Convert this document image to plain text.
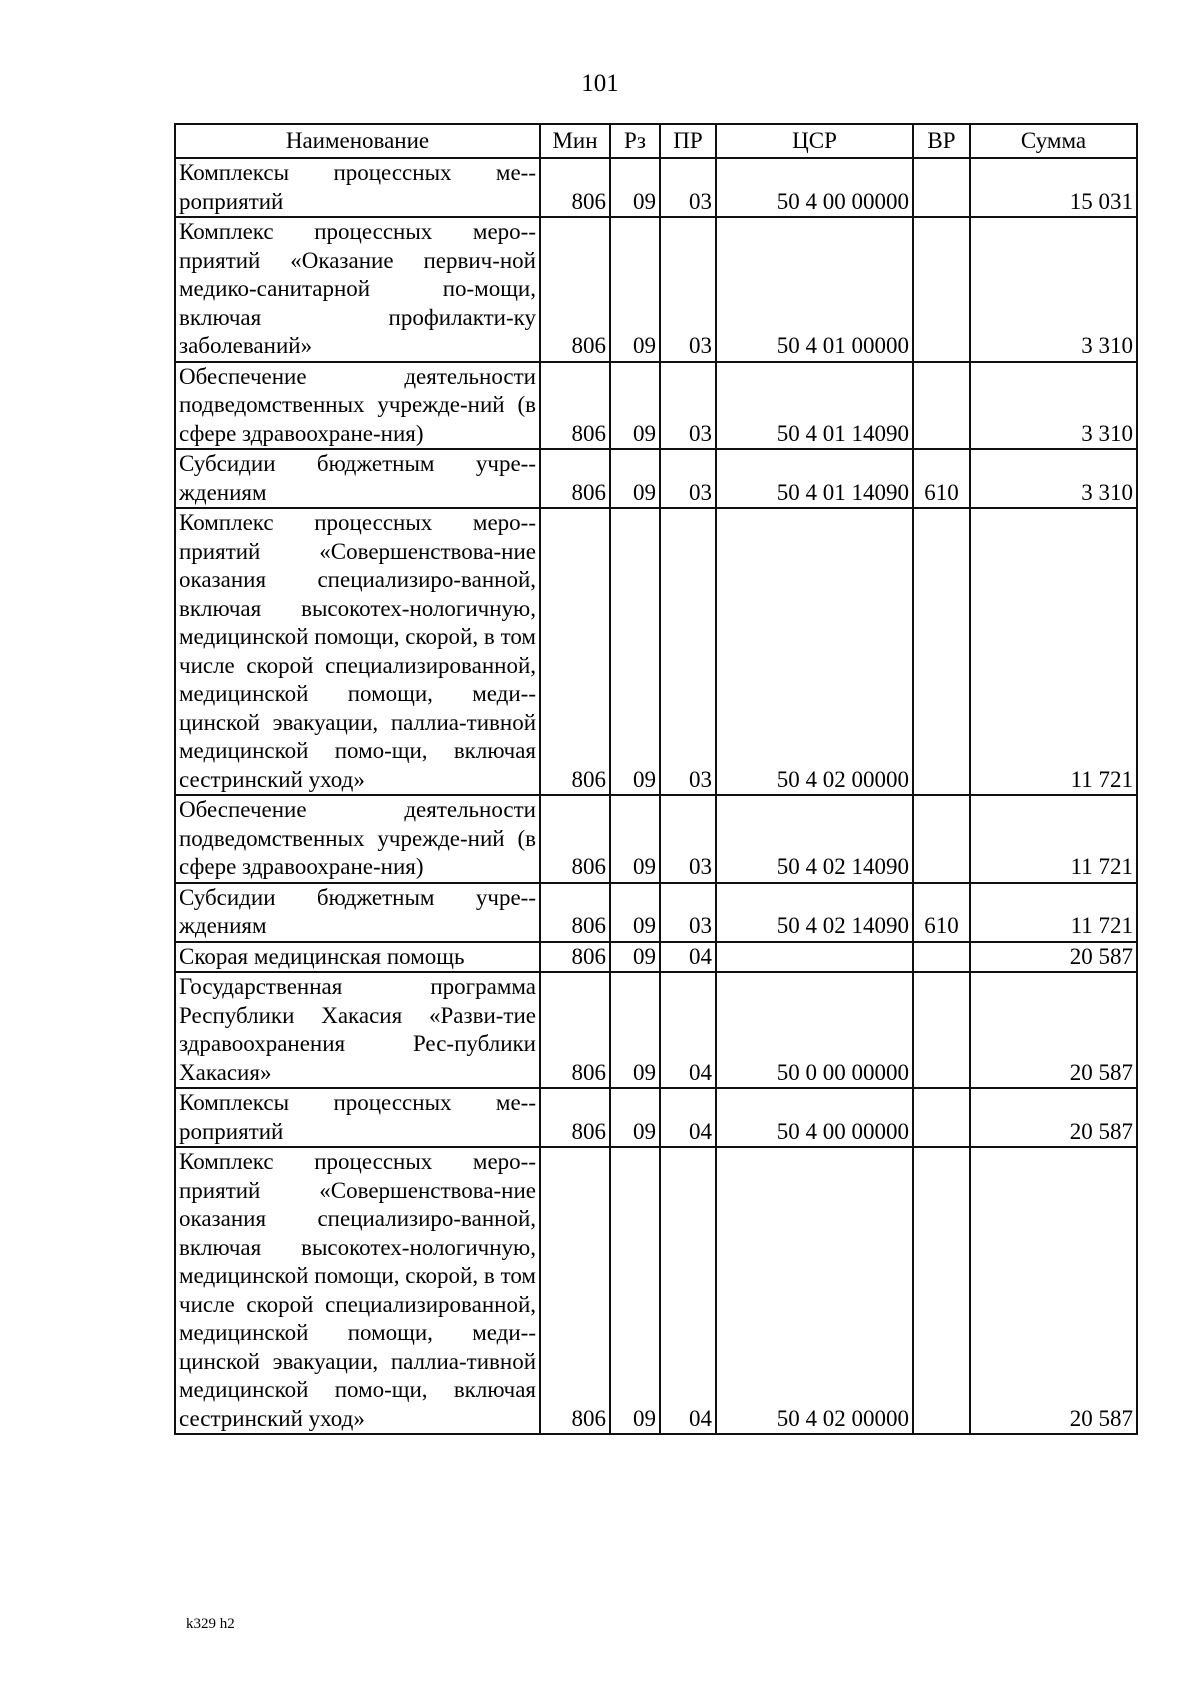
101
Наименование	Мин	Рз	ПР	ЦСР	ВР	Сумма
Комплексы процессных ме-роприятий	806	09	03	50 4 00 00000		15 031
Комплекс процессных меро-приятий «Оказание первич-ной медико-санитарной по-мощи, включая профилакти-ку заболеваний»	806	09	03	50 4 01 00000		3 310
Обеспечение деятельности подведомственных учрежде-ний (в сфере здравоохране-ния)	806	09	03	50 4 01 14090		3 310
Субсидии бюджетным учре-ждениям	806	09	03	50 4 01 14090	610	3 310
Комплекс процессных меро-приятий «Совершенствова-ние оказания специализиро-ванной, включая высокотех-нологичную, медицинской помощи, скорой, в том числе скорой специализированной, медицинской помощи, меди-цинской эвакуации, паллиа-тивной медицинской помо-щи, включая сестринский уход»	806	09	03	50 4 02 00000		11 721
Обеспечение деятельности подведомственных учрежде-ний (в сфере здравоохране-ния)	806	09	03	50 4 02 14090		11 721
Субсидии бюджетным учре-ждениям	806	09	03	50 4 02 14090	610	11 721
Скорая медицинская помощь	806	09	04			20 587
Государственная программа Республики Хакасия «Разви-тие здравоохранения Рес-публики Хакасия»	806	09	04	50 0 00 00000		20 587
Комплексы процессных ме-роприятий	806	09	04	50 4 00 00000		20 587
Комплекс процессных меро-приятий «Совершенствова-ние оказания специализиро-ванной, включая высокотех-нологичную, медицинской помощи, скорой, в том числе скорой специализированной, медицинской помощи, меди-цинской эвакуации, паллиа-тивной медицинской помо-щи, включая сестринский уход»	806	09	04	50 4 02 00000		20 587
k329 h2
